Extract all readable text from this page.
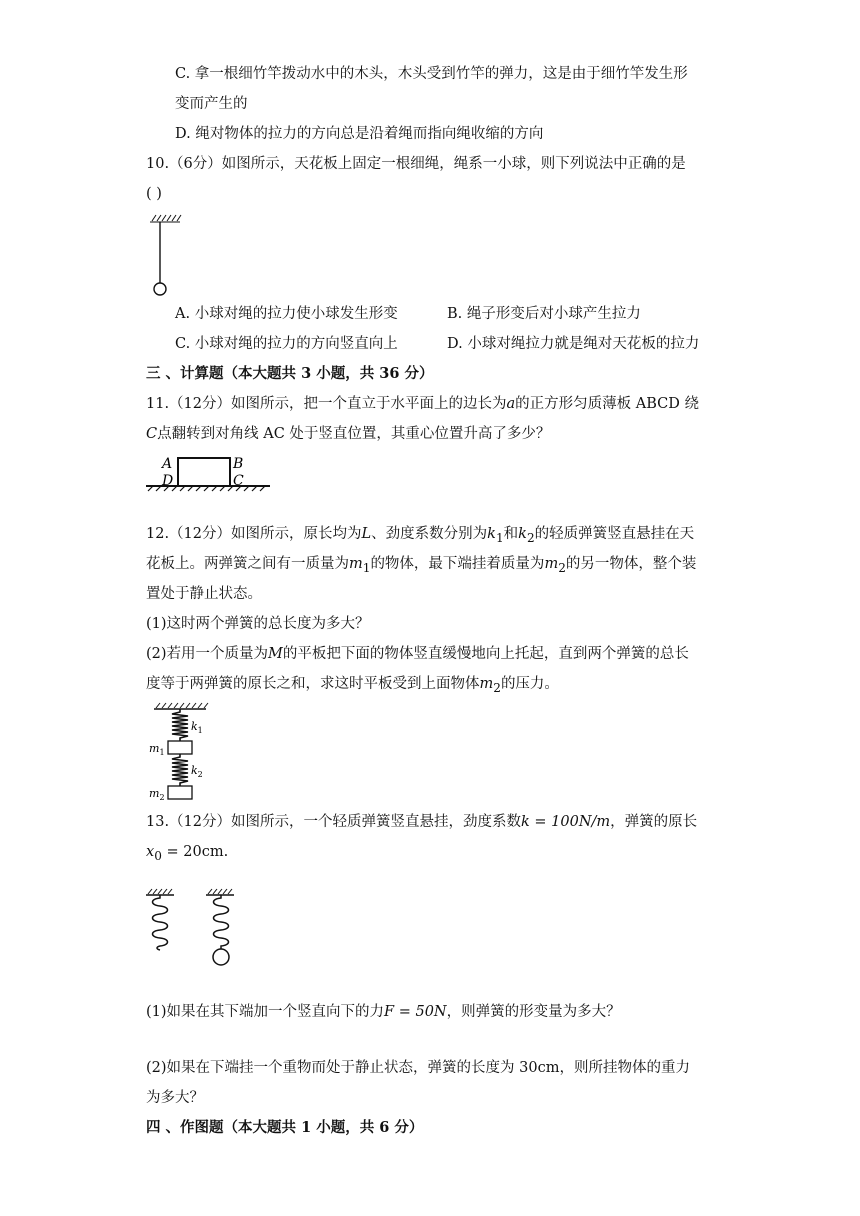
C. 拿一根细竹竿拨动水中的木头，木头受到竹竿的弹力，这是由于细竹竿发生形
变而产生的
D. 绳对物体的拉力的方向总是沿着绳而指向绳收缩的方向
10.（6分）如图所示，天花板上固定一根细绳，绳系一小球，则下列说法中正确的是
( )
A. 小球对绳的拉力使小球发生形变	B. 绳子形变后对小球产生拉力
C. 小球对绳的拉力的方向竖直向上	D. 小球对绳拉力就是绳对天花板的拉力
三 、计算题（本大题共 3 小题，共 36 分）
11.（12分）如图所示，把一个直立于水平面上的边长为a的正方形匀质薄板 ABCD 绕
C点翻转到对角线 AC 处于竖直位置，其重心位置升高了多少？
A	B
D	C
12.（12分）如图所示，原长均为L、劲度系数分别为$k_1$和$k_2$的轻质弹簧竖直悬挂在天
花板上。两弹簧之间有一质量为$m_1$的物体，最下端挂着质量为$m_2$的另一物体，整个装
置处于静止状态。
(1)这时两个弹簧的总长度为多大？
(2)若用一个质量为M的平板把下面的物体竖直缓慢地向上托起，直到两个弹簧的总长
度等于两弹簧的原长之和，求这时平板受到上面物体$m_2$的压力。
$k_1$
$k_2$
$m_1$
$m_2$
13.（12分）如图所示，一个轻质弹簧竖直悬挂，劲度系数k = 100N/m，弹簧的原长
$x_0 = 20cm$.
(1)如果在其下端加一个竖直向下的力F = 50N，则弹簧的形变量为多大？
(2)如果在下端挂一个重物而处于静止状态，弹簧的长度为 30cm，则所挂物体的重力
为多大？
四 、作图题（本大题共 1 小题，共 6 分）
